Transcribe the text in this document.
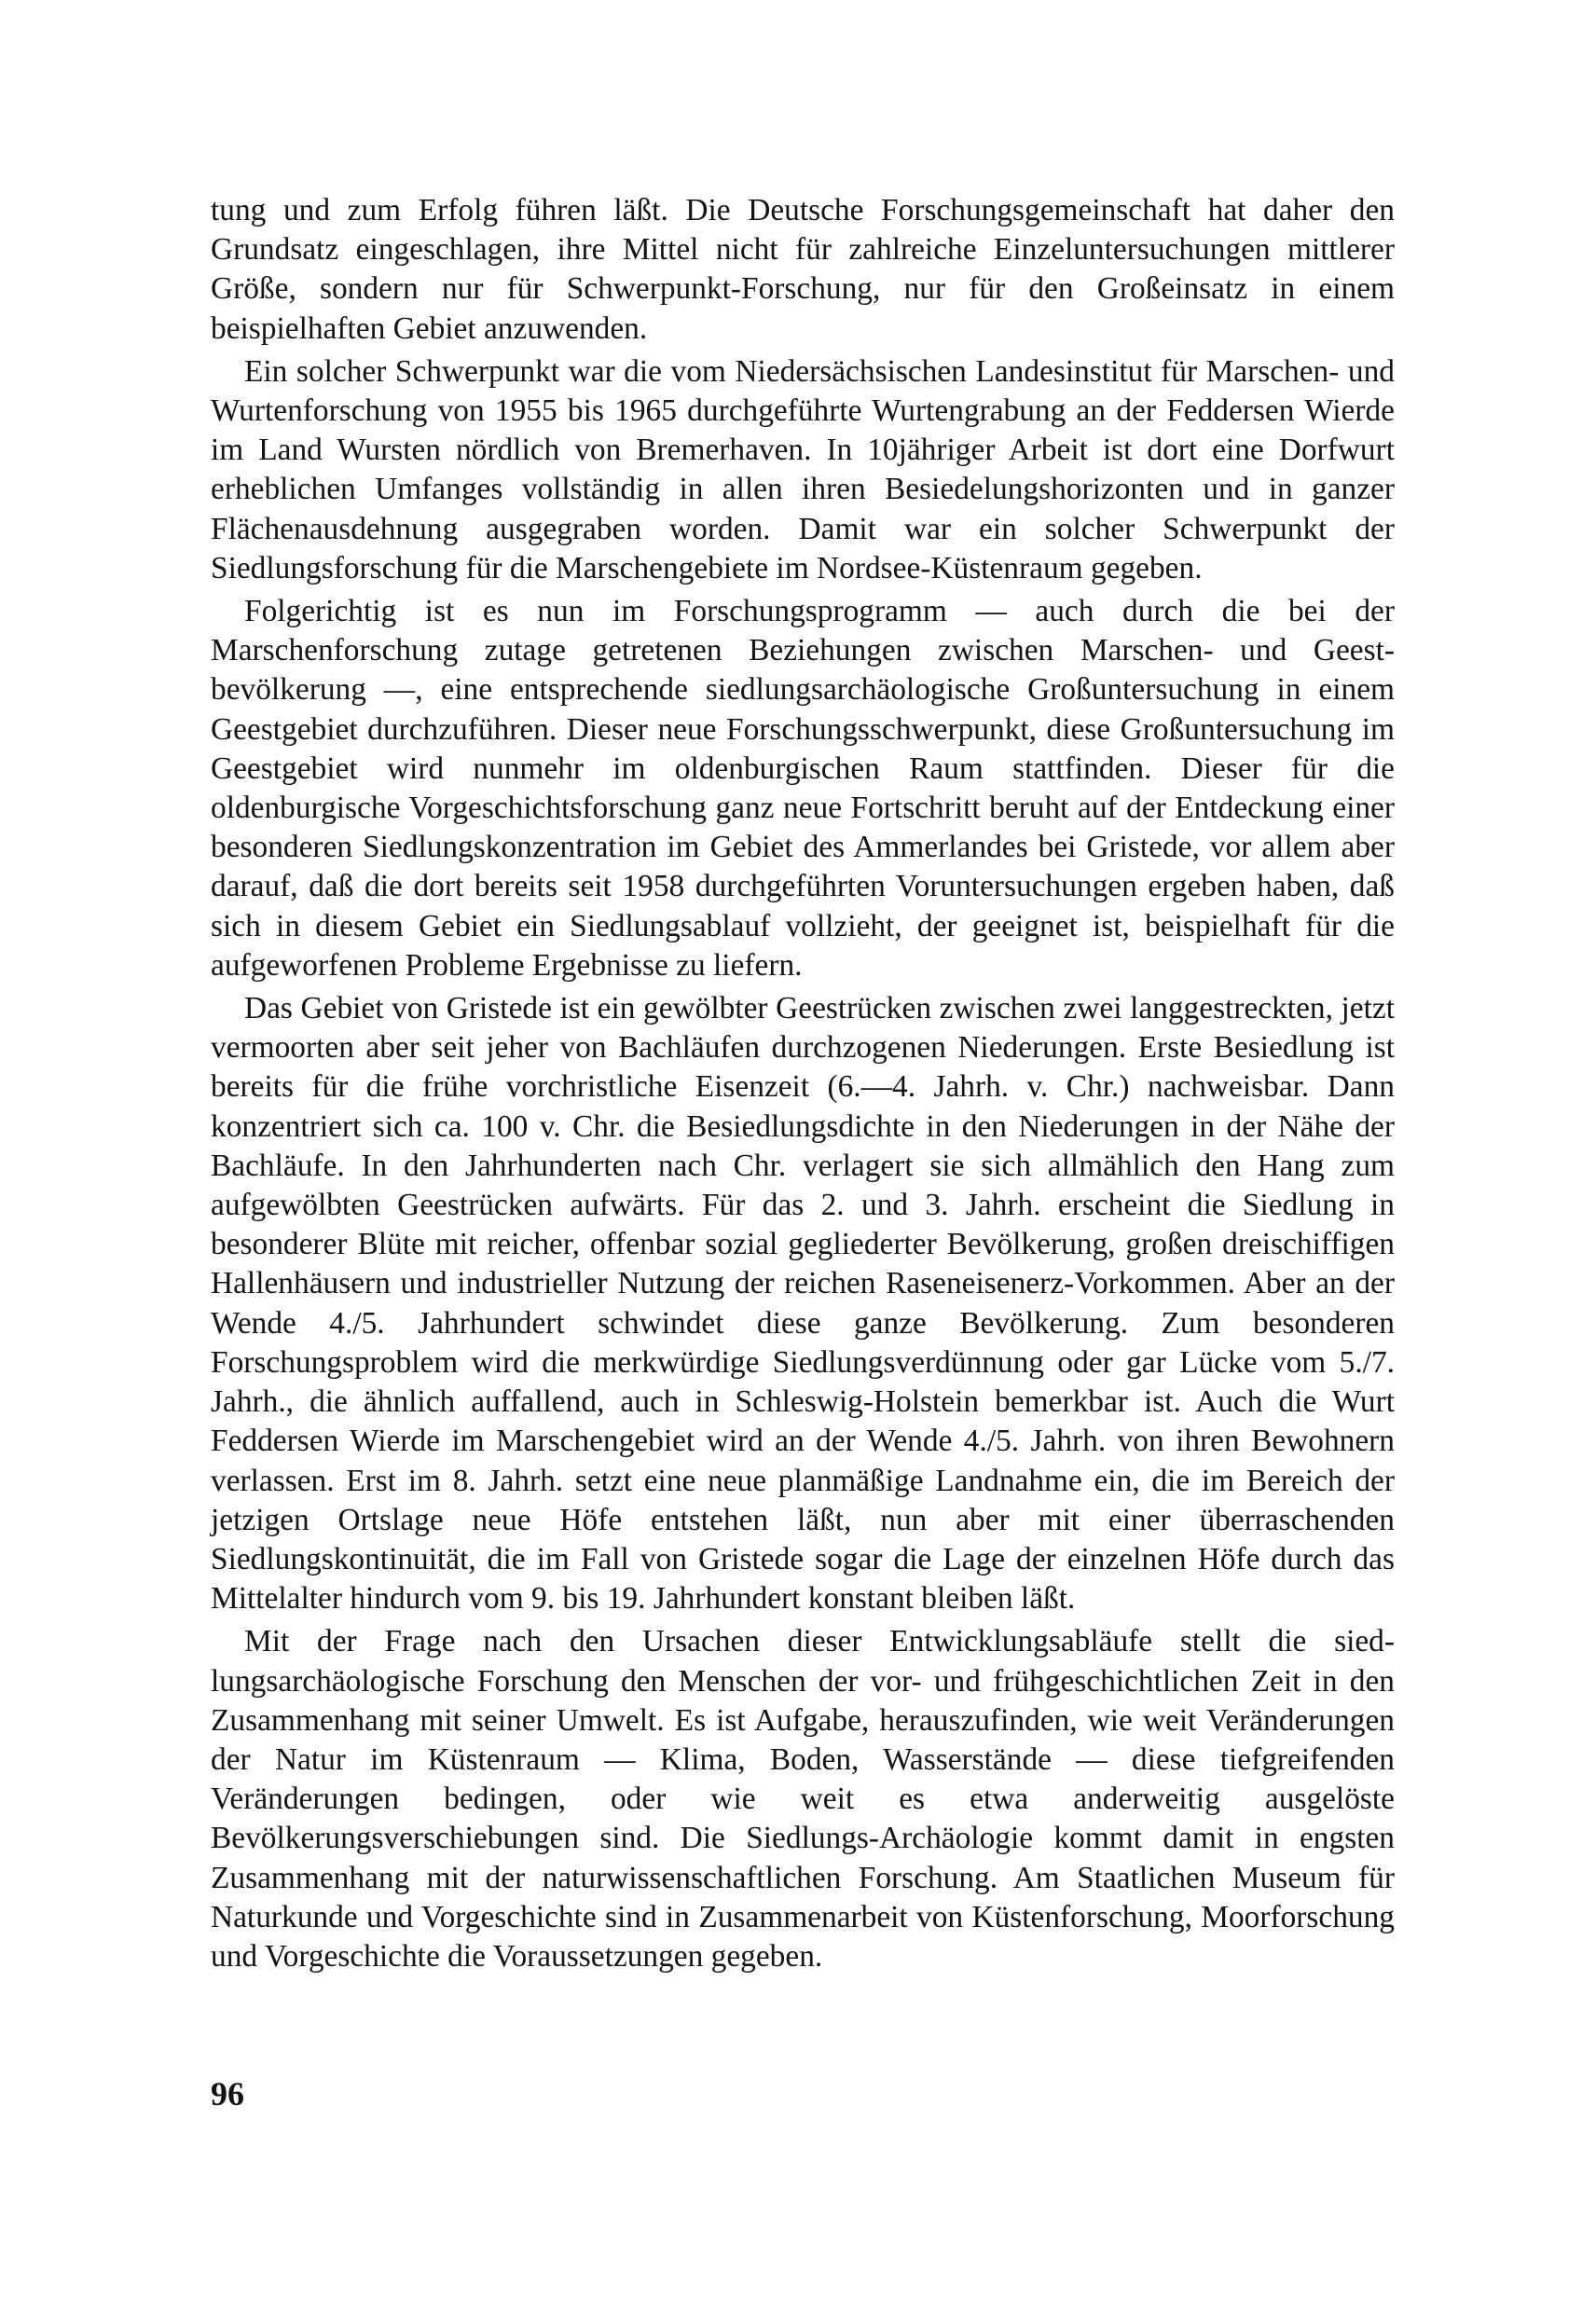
tung und zum Erfolg führen läßt. Die Deutsche Forschungsgemeinschaft hat daher den Grundsatz eingeschlagen, ihre Mittel nicht für zahlreiche Einzeluntersuchungen mittlerer Größe, sondern nur für Schwerpunkt-Forschung, nur für den Großeinsatz in einem beispielhaften Gebiet anzuwenden.

Ein solcher Schwerpunkt war die vom Niedersächsischen Landesinstitut für Marschen- und Wurtenforschung von 1955 bis 1965 durchgeführte Wurtengrabung an der Feddersen Wierde im Land Wursten nördlich von Bremerhaven. In 10jähriger Arbeit ist dort eine Dorfwurt erheblichen Umfanges vollständig in allen ihren Besiedelungshorizonten und in ganzer Flächenausdehnung ausgegraben worden. Damit war ein solcher Schwerpunkt der Siedlungsforschung für die Marschengebiete im Nordsee-Küstenraum gegeben.

Folgerichtig ist es nun im Forschungsprogramm — auch durch die bei der Marschenforschung zutage getretenen Beziehungen zwischen Marschen- und Geestbevölkerung —, eine entsprechende siedlungsarchäologische Großuntersuchung in einem Geestgebiet durchzuführen. Dieser neue Forschungsschwerpunkt, diese Großuntersuchung im Geestgebiet wird nunmehr im oldenburgischen Raum stattfinden. Dieser für die oldenburgische Vorgeschichtsforschung ganz neue Fortschritt beruht auf der Entdeckung einer besonderen Siedlungskonzentration im Gebiet des Ammerlandes bei Gristede, vor allem aber darauf, daß die dort bereits seit 1958 durchgeführten Voruntersuchungen ergeben haben, daß sich in diesem Gebiet ein Siedlungsablauf vollzieht, der geeignet ist, beispielhaft für die aufgeworfenen Probleme Ergebnisse zu liefern.

Das Gebiet von Gristede ist ein gewölbter Geestrücken zwischen zwei langgestreckten, jetzt vermoorten aber seit jeher von Bachläufen durchzogenen Niederungen. Erste Besiedlung ist bereits für die frühe vorchristliche Eisenzeit (6.—4. Jahrh. v. Chr.) nachweisbar. Dann konzentriert sich ca. 100 v. Chr. die Besiedlungsdichte in den Niederungen in der Nähe der Bachläufe. In den Jahrhunderten nach Chr. verlagert sie sich allmählich den Hang zum aufgewölbten Geestrücken aufwärts. Für das 2. und 3. Jahrh. erscheint die Siedlung in besonderer Blüte mit reicher, offenbar sozial gegliederter Bevölkerung, großen dreischiffigen Hallenhäusern und industrieller Nutzung der reichen Raseneisenerz-Vorkommen. Aber an der Wende 4./5. Jahrhundert schwindet diese ganze Bevölkerung. Zum besonderen Forschungsproblem wird die merkwürdige Siedlungsverdünnung oder gar Lücke vom 5./7. Jahrh., die ähnlich auffallend, auch in Schleswig-Holstein bemerkbar ist. Auch die Wurt Feddersen Wierde im Marschengebiet wird an der Wende 4./5. Jahrh. von ihren Bewohnern verlassen. Erst im 8. Jahrh. setzt eine neue planmäßige Landnahme ein, die im Bereich der jetzigen Ortslage neue Höfe entstehen läßt, nun aber mit einer überraschenden Siedlungskontinuität, die im Fall von Gristede sogar die Lage der einzelnen Höfe durch das Mittelalter hindurch vom 9. bis 19. Jahrhundert konstant bleiben läßt.

Mit der Frage nach den Ursachen dieser Entwicklungsabläufe stellt die siedlungsarchäologische Forschung den Menschen der vor- und frühgeschichtlichen Zeit in den Zusammenhang mit seiner Umwelt. Es ist Aufgabe, herauszufinden, wie weit Veränderungen der Natur im Küstenraum — Klima, Boden, Wasserstände — diese tiefgreifenden Veränderungen bedingen, oder wie weit es etwa anderweitig ausgelöste Bevölkerungsverschiebungen sind. Die Siedlungs-Archäologie kommt damit in engsten Zusammenhang mit der naturwissenschaftlichen Forschung. Am Staatlichen Museum für Naturkunde und Vorgeschichte sind in Zusammenarbeit von Küstenforschung, Moorforschung und Vorgeschichte die Voraussetzungen gegeben.

96
